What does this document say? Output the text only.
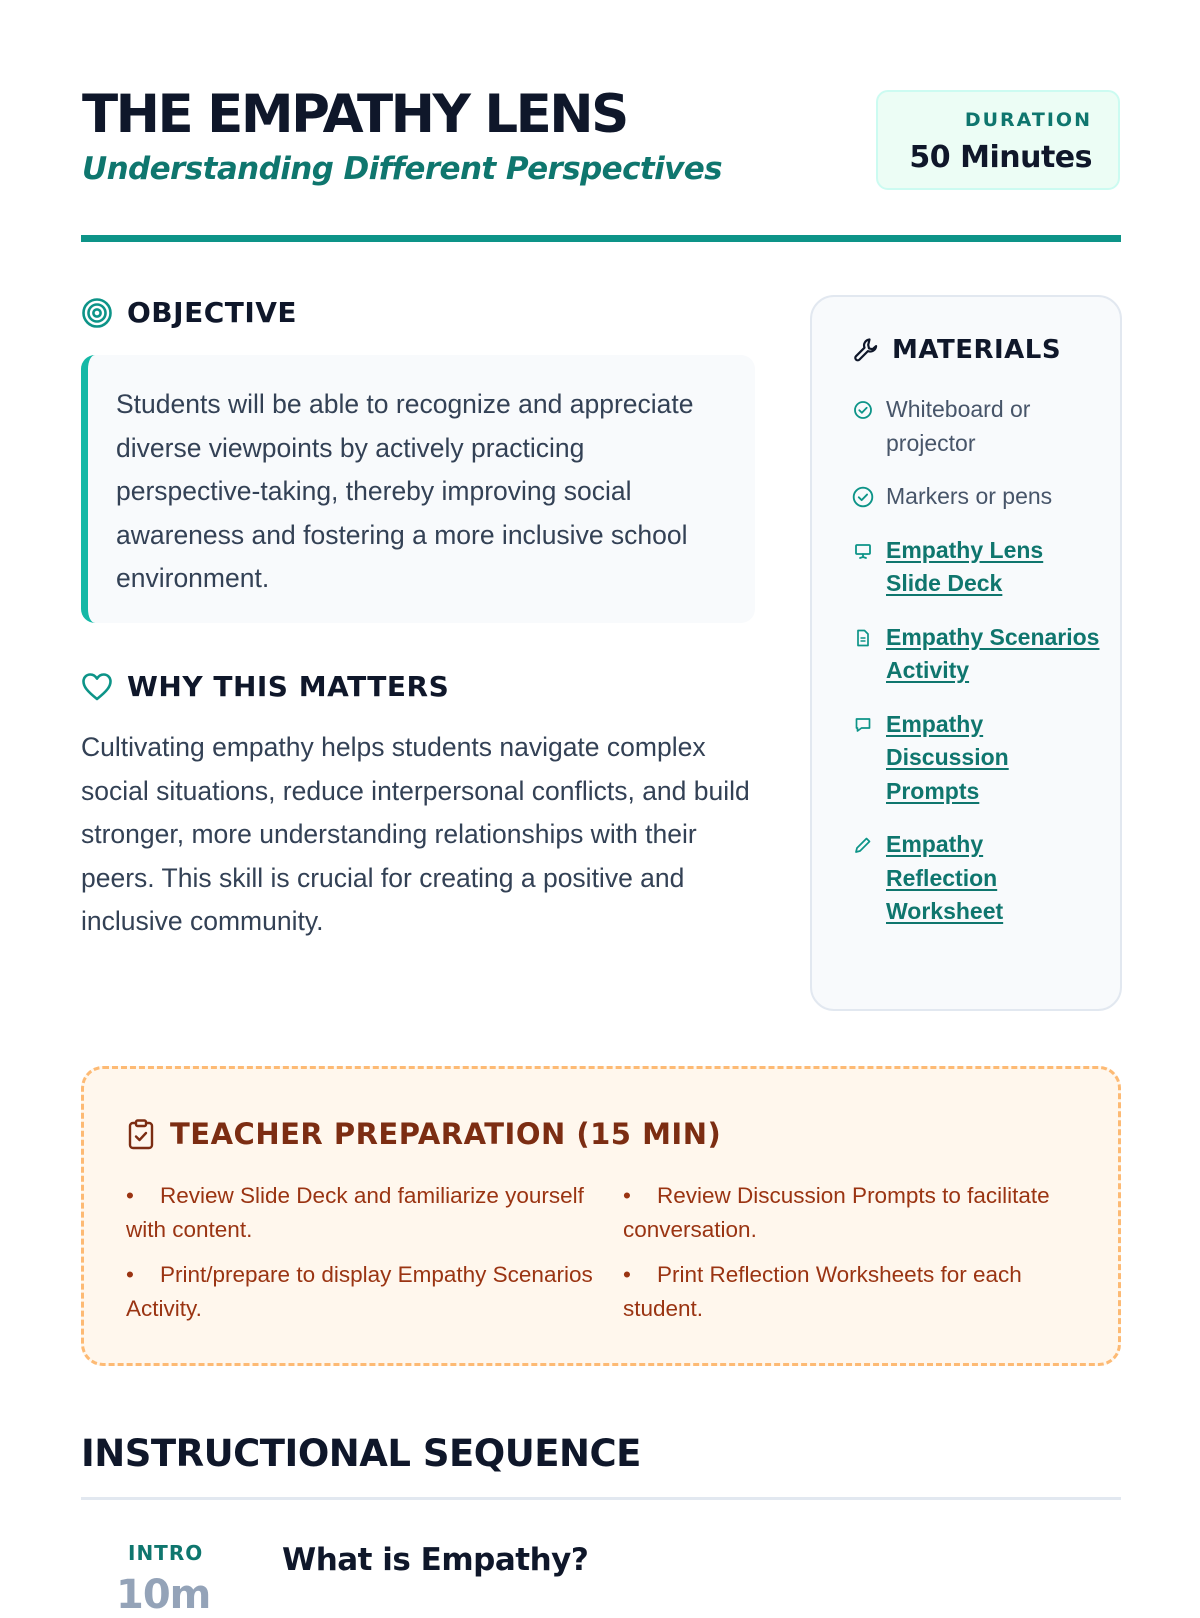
THE EMPATHY LENS
Understanding Different Perspectives
DURATION
50 Minutes
OBJECTIVE
Students will be able to recognize and appreciate diverse viewpoints by actively practicing perspective-taking, thereby improving social awareness and fostering a more inclusive school environment.
WHY THIS MATTERS
Cultivating empathy helps students navigate complex social situations, reduce interpersonal conflicts, and build stronger, more understanding relationships with their peers. This skill is crucial for creating a positive and inclusive community.
MATERIALS
Whiteboard or projector
Markers or pens
Empathy Lens Slide Deck
Empathy Scenarios Activity
Empathy Discussion Prompts
Empathy Reflection Worksheet
TEACHER PREPARATION (15 MIN)
• Review Slide Deck and familiarize yourself with content.
• Review Discussion Prompts to facilitate conversation.
• Print/prepare to display Empathy Scenarios Activity.
• Print Reflection Worksheets for each student.
INSTRUCTIONAL SEQUENCE
INTRO
10m
What is Empathy?
